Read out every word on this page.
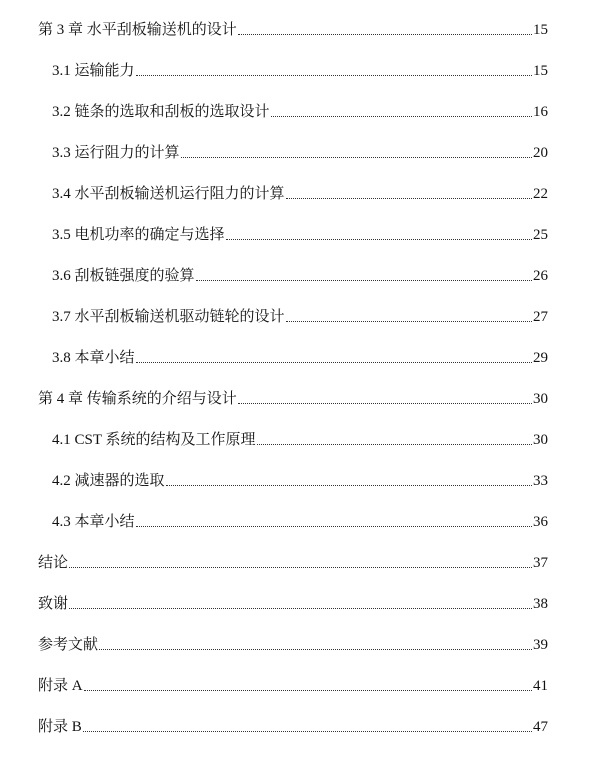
第 3 章 水平刮板输送机的设计	15
3.1 运输能力	15
3.2 链条的选取和刮板的选取设计	16
3.3 运行阻力的计算	20
3.4 水平刮板输送机运行阻力的计算	22
3.5 电机功率的确定与选择	25
3.6 刮板链强度的验算	26
3.7 水平刮板输送机驱动链轮的设计	27
3.8 本章小结	29
第 4 章 传输系统的介绍与设计	30
4.1 CST 系统的结构及工作原理	30
4.2 减速器的选取	33
4.3 本章小结	36
结论	37
致谢	38
参考文献	39
附录 A	41
附录 B	47
